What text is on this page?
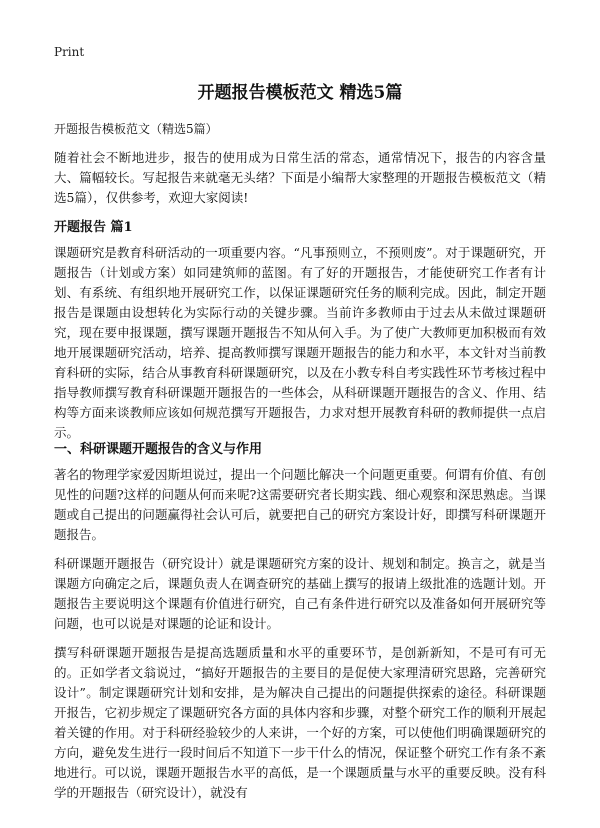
Print
开题报告模板范文 精选5篇

开题报告模板范文（精选5篇）

随着社会不断地进步，报告的使用成为日常生活的常态，通常情况下，报告的内容含量大、篇幅较长。写起报告来就毫无头绪？下面是小编帮大家整理的开题报告模板范文（精选5篇），仅供参考，欢迎大家阅读!

开题报告 篇1

课题研究是教育科研活动的一项重要内容。“凡事预则立，不预则废”。对于课题研究，开题报告（计划或方案）如同建筑师的蓝图。有了好的开题报告，才能使研究工作者有计划、有系统、有组织地开展研究工作，以保证课题研究任务的顺利完成。因此，制定开题报告是课题由设想转化为实际行动的关键步骤。当前许多教师由于过去从未做过课题研究，现在要申报课题，撰写课题开题报告不知从何入手。为了使广大教师更加积极而有效地开展课题研究活动，培养、提高教师撰写课题开题报告的能力和水平，本文针对当前教育科研的实际，结合从事教育科研课题研究，以及在小教专科自考实践性环节考核过程中指导教师撰写教育科研课题开题报告的一些体会，从科研课题开题报告的含义、作用、结构等方面来谈教师应该如何规范撰写开题报告，力求对想开展教育科研的教师提供一点启示。

一、科研课题开题报告的含义与作用

著名的物理学家爱因斯坦说过，提出一个问题比解决一个问题更重要。何谓有价值、有创见性的问题?这样的问题从何而来呢?这需要研究者长期实践、细心观察和深思熟虑。当课题或自己提出的问题赢得社会认可后，就要把自己的研究方案设计好，即撰写科研课题开题报告。

科研课题开题报告（研究设计）就是课题研究方案的设计、规划和制定。换言之，就是当课题方向确定之后，课题负责人在调查研究的基础上撰写的报请上级批准的选题计划。开题报告主要说明这个课题有价值进行研究，自己有条件进行研究以及准备如何开展研究等问题，也可以说是对课题的论证和设计。

撰写科研课题开题报告是提高选题质量和水平的重要环节，是创新新知，不是可有可无的。正如学者文翁说过，“搞好开题报告的主要目的是促使大家理清研究思路，完善研究设计”。制定课题研究计划和安排，是为解决自己提出的问题提供探索的途径。科研课题开报告，它初步规定了课题研究各方面的具体内容和步骤，对整个研究工作的顺利开展起着关键的作用。对于科研经验较少的人来讲，一个好的方案，可以使他们明确课题研究的方向，避免发生进行一段时间后不知道下一步干什么的情况，保证整个研究工作有条不紊地进行。可以说，课题开题报告水平的高低，是一个课题质量与水平的重要反映。没有科学的开题报告（研究设计），就没有
